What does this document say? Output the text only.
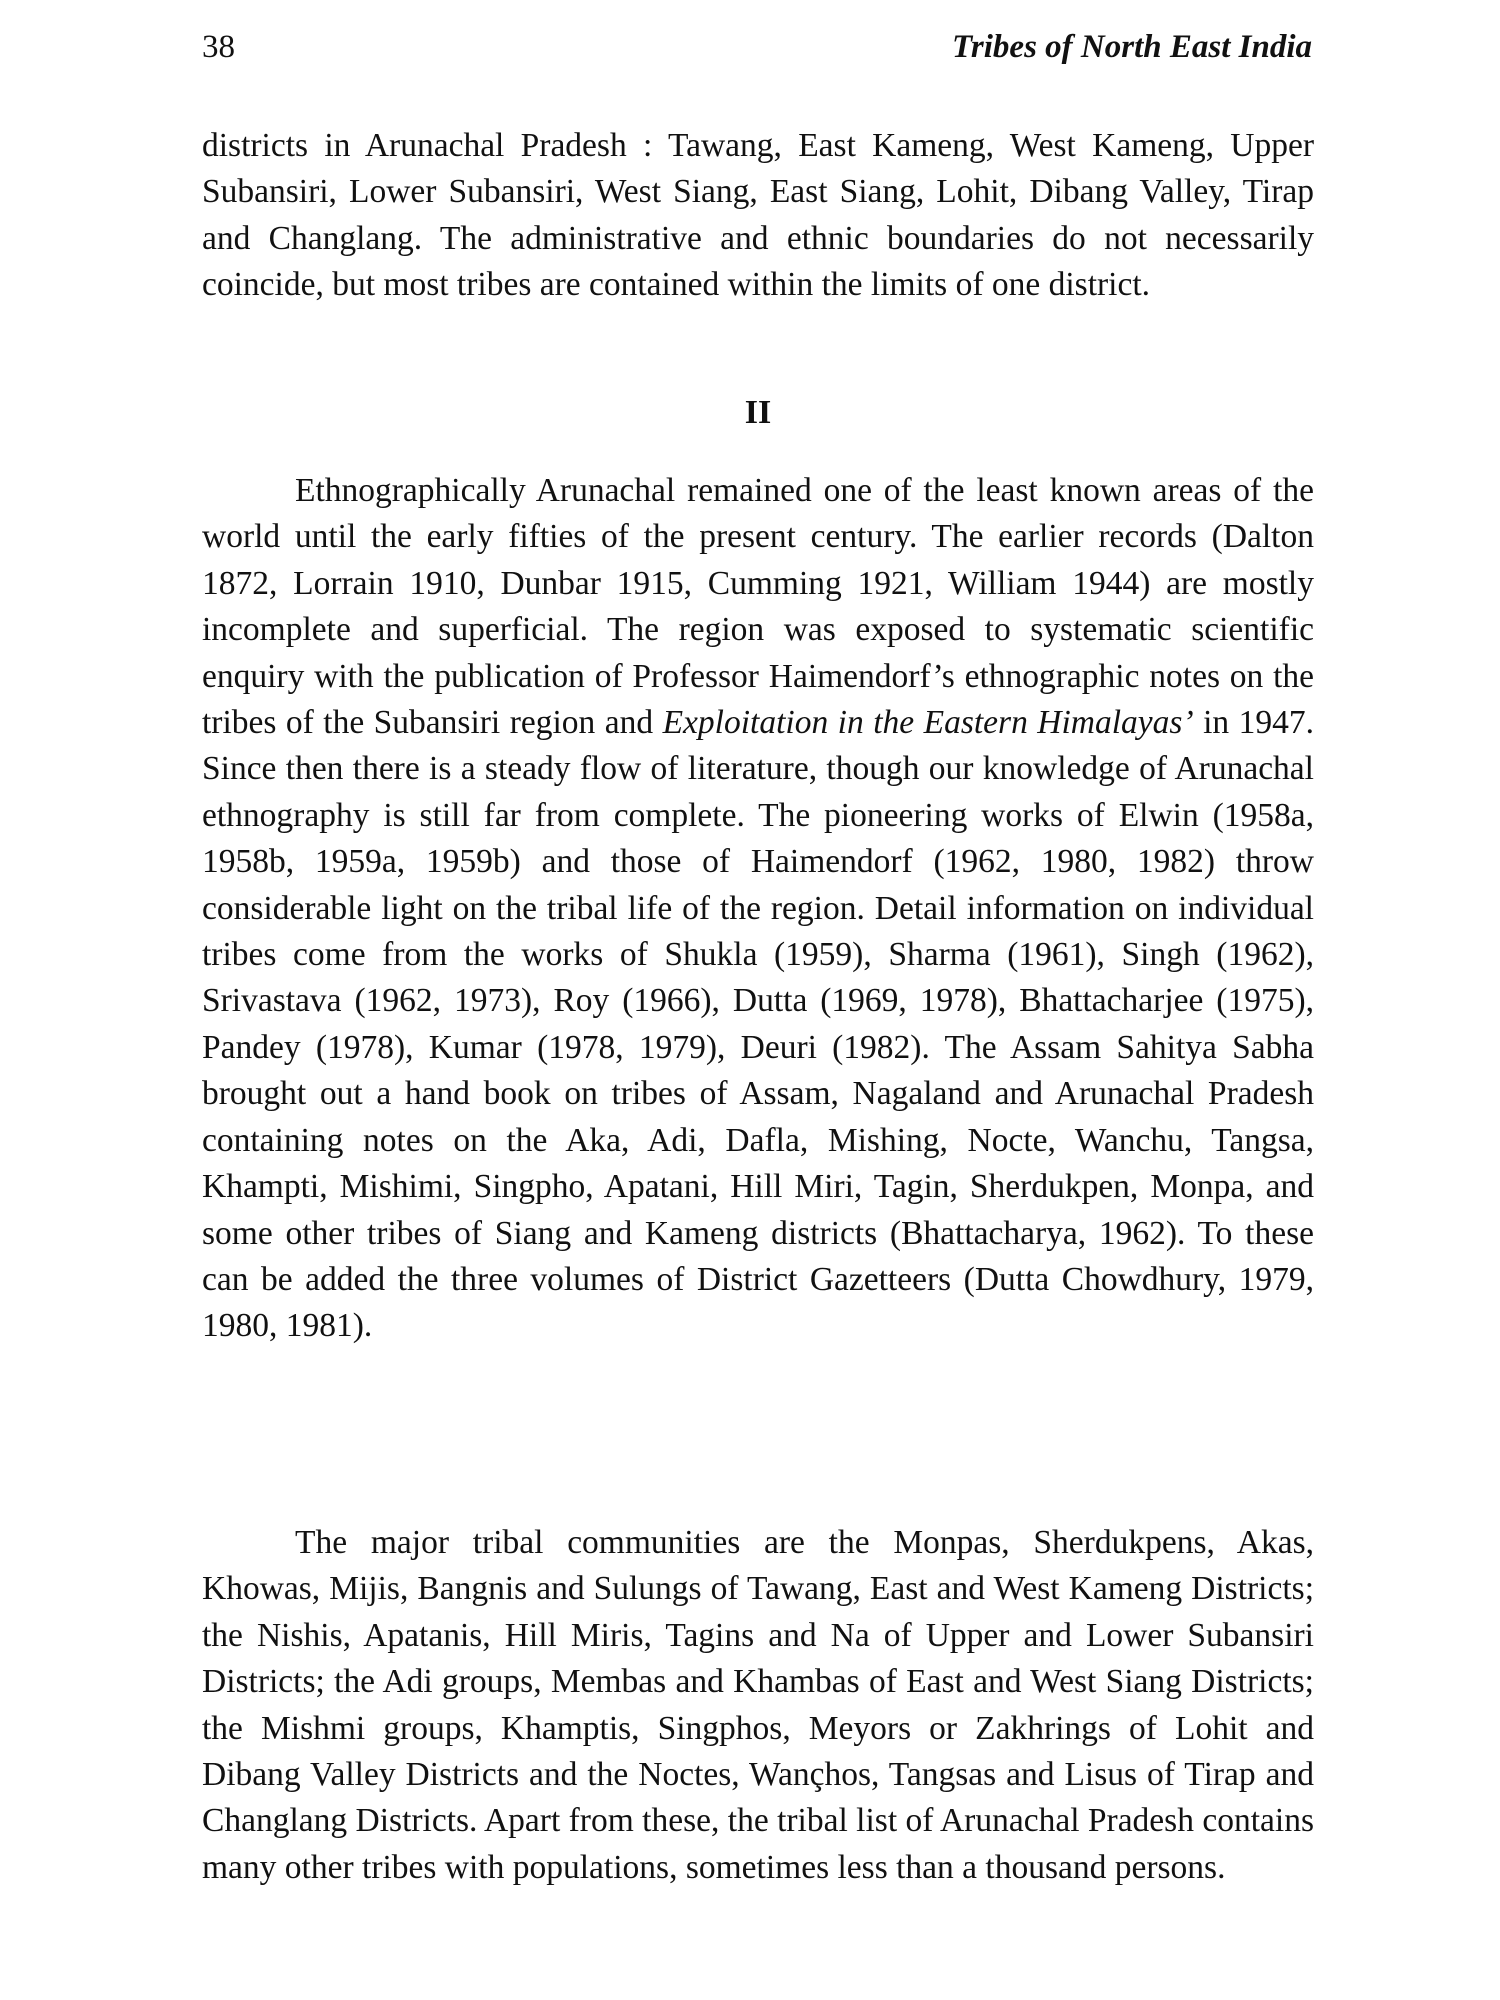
38	Tribes of North East India

districts in Arunachal Pradesh : Tawang, East Kameng, West Kameng, Upper Subansiri, Lower Subansiri, West Siang, East Siang, Lohit, Dibang Valley, Tirap and Changlang. The administrative and ethnic boundaries do not necessarily coincide, but most tribes are contained within the limits of one district.

II

Ethnographically Arunachal remained one of the least known areas of the world until the early fifties of the present century. The earlier records (Dalton 1872, Lorrain 1910, Dunbar 1915, Cumming 1921, William 1944) are mostly incomplete and superficial. The region was exposed to systematic scientific enquiry with the publication of Professor Haimendorf’s ethnographic notes on the tribes of the Subansiri region and Exploitation in the Eastern Himalayas’ in 1947. Since then there is a steady flow of literature, though our knowledge of Arunachal ethnography is still far from complete. The pioneering works of Elwin (1958a, 1958b, 1959a, 1959b) and those of Haimendorf (1962, 1980, 1982) throw considerable light on the tribal life of the region. Detail information on individual tribes come from the works of Shukla (1959), Sharma (1961), Singh (1962), Srivastava (1962, 1973), Roy (1966), Dutta (1969, 1978), Bhattacharjee (1975), Pandey (1978), Kumar (1978, 1979), Deuri (1982). The Assam Sahitya Sabha brought out a hand book on tribes of Assam, Nagaland and Arunachal Pradesh containing notes on the Aka, Adi, Dafla, Mishing, Nocte, Wanchu, Tangsa, Khampti, Mishimi, Singpho, Apatani, Hill Miri, Tagin, Sherdukpen, Monpa, and some other tribes of Siang and Kameng districts (Bhattacharya, 1962). To these can be added the three volumes of District Gazetteers (Dutta Chowdhury, 1979, 1980, 1981).

The major tribal communities are the Monpas, Sherdukpens, Akas, Khowas, Mijis, Bangnis and Sulungs of Tawang, East and West Kameng Districts; the Nishis, Apatanis, Hill Miris, Tagins and Na of Upper and Lower Subansiri Districts; the Adi groups, Membas and Khambas of East and West Siang Districts; the Mishmi groups, Khamptis, Singphos, Meyors or Zakhrings of Lohit and Dibang Valley Districts and the Noctes, Wançhos, Tangsas and Lisus of Tirap and Changlang Districts. Apart from these, the tribal list of Arunachal Pradesh contains many other tribes with populations, sometimes less than a thousand persons.
